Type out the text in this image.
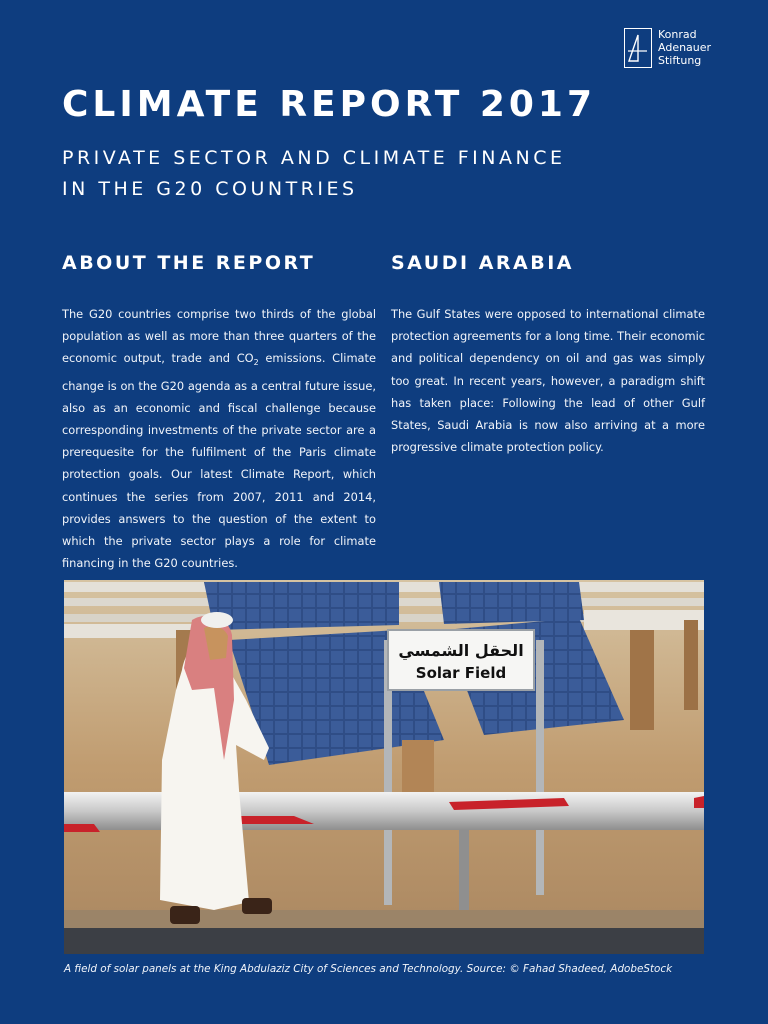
Konrad
Adenauer
Stiftung
CLIMATE REPORT 2017
PRIVATE SECTOR AND CLIMATE FINANCE
IN THE G20 COUNTRIES
ABOUT THE REPORT

The G20 countries comprise two thirds of the global population as well as more than three quarters of the economic output, trade and $CO_2$ emissions. Climate change is on the G20 agenda as a central future issue, also as an economic and fiscal challenge because corresponding investments of the private sector are a prerequesite for the fulfilment of the Paris climate protection goals. Our latest Climate Report, which continues the series from 2007, 2011 and 2014, provides answers to the question of the extent to which the private sector plays a role for climate financing in the G20 countries.

SAUDI ARABIA

The Gulf States were opposed to international climate protection agreements for a long time. Their economic and political dependency on oil and gas was simply too great. In recent years, however, a paradigm shift has taken place: Following the lead of other Gulf States, Saudi Arabia is now also arriving at a more progressive climate protection policy.

الحقل الشمسي
Solar Field
A field of solar panels at the King Abdulaziz City of Sciences and Technology. Source: © Fahad Shadeed, AdobeStock
